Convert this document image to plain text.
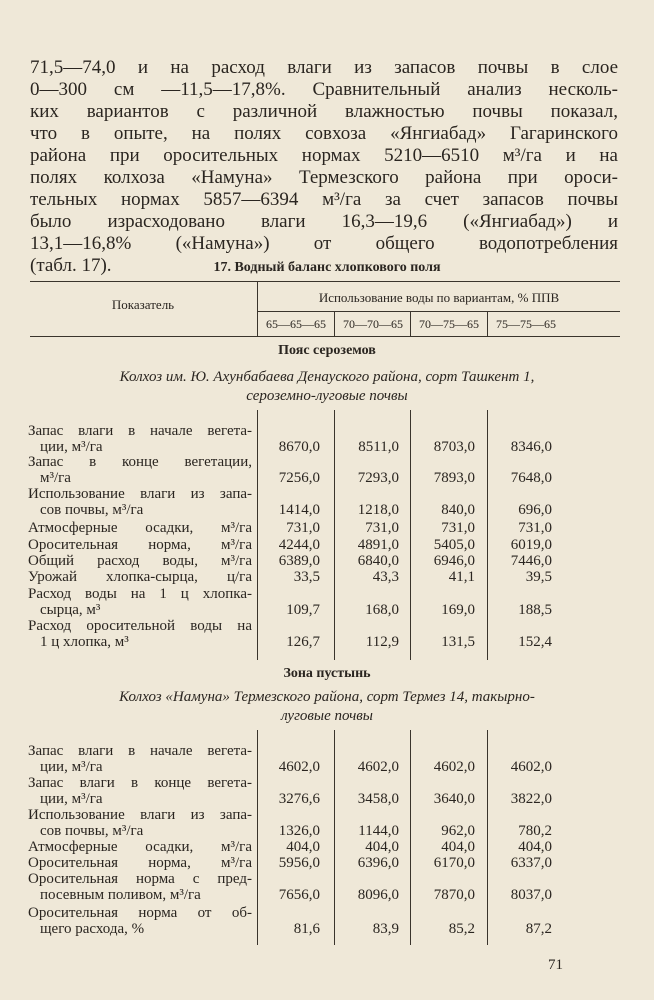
71,5—74,0 и на расход влаги из запасов почвы в слое
0—300 см —11,5—17,8%. Сравнительный анализ несколь-
ких вариантов с различной влажностью почвы показал,
что в опыте, на полях совхоза «Янгиабад» Гагаринского
района при оросительных нормах 5210—6510 м³/га и на
полях колхоза «Намуна» Термезского района при ороси-
тельных нормах 5857—6394 м³/га за счет запасов почвы
было израсходовано влаги 16,3—19,6 («Янгиабад») и
13,1—16,8% («Намуна») от общего водопотребления
(табл. 17).	17. Водный баланс хлопкового поля
Показатель	Использование воды по вариантам, % ППВ
65—65—65	70—70—65	70—75—65	75—75—65
Пояс сероземов
Колхоз им. Ю. Ахунбабаева Денауского района, сорт Ташкент 1,
сероземно-луговые почвы
Запас влаги в начале вегета-
ции, м³/га	8670,0	8511,0 8703,0 8346,0
Запас в конце вегетации,
м³/га	7256,0	7293,0 7893,0 7648,0
Использование влаги из запа-
сов почвы, м³/га	1414,0	1218,0	840,0	696,0
Атмосферные осадки, м³/га 731,0	731,0	731,0	731,0
Оросительная норма, м³/га 4244,0	4891,0 5405,0 6019,0
Общий расход воды, м³/га 6389,0	6840,0 6946,0 7446,0
Урожай хлопка-сырца, ц/га	33,5	43,3	41,1	39,5
Расход воды на 1 ц хлопка-
сырца, м³	109,7	168,0	169,0	188,5
Расход оросительной воды на
1 ц хлопка, м³	126,7	112,9	131,5	152,4
Зона пустынь
Колхоз «Намуна» Термезского района, сорт Термез 14, такырно-
луговые почвы
Запас влаги в начале вегета-
ции, м³/га	4602,0	4602,0 4602,0 4602,0
Запас влаги в конце вегета-
ции, м³/га	3276,6	3458,0 3640,0 3822,0
Использование влаги из запа-
сов почвы, м³/га	1326,0	1144,0	962,0	780,2
Атмосферные осадки, м³/га 404,0	404,0	404,0	404,0
Оросительная норма, м³/га 5956,0	6396,0 6170,0 6337,0
Оросительная норма с пред-
посевным поливом, м³/га	7656,0	8096,0 7870,0 8037,0
Оросительная норма от об-
щего расхода, %	81,6	83,9	85,2	87,2
71
